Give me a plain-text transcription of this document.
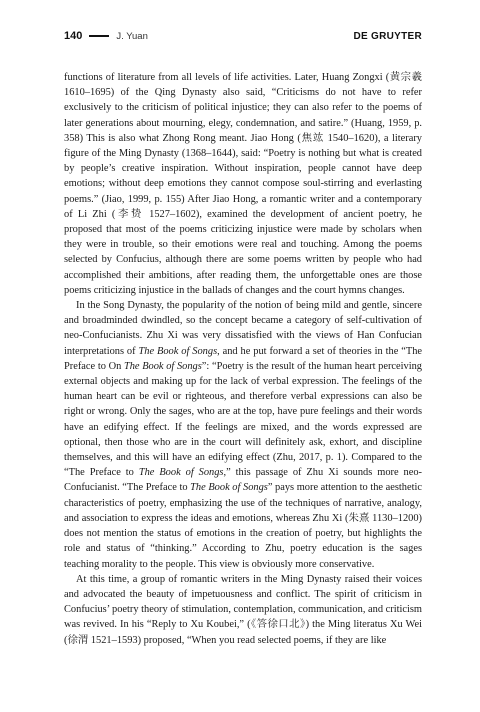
140	J. Yuan	DE GRUYTER

functions of literature from all levels of life activities. Later, Huang Zongxi (黄宗羲 1610–1695) of the Qing Dynasty also said, “Criticisms do not have to refer exclusively to the criticism of political injustice; they can also refer to the poems of later generations about mourning, elegy, condemnation, and satire.” (Huang, 1959, p. 358) This is also what Zhong Rong meant. Jiao Hong (焦竑 1540–1620), a literary figure of the Ming Dynasty (1368–1644), said: “Poetry is nothing but what is created by people’s creative inspiration. Without inspiration, people cannot have deep emotions; without deep emotions they cannot compose soul-stirring and everlasting poems.” (Jiao, 1999, p. 155) After Jiao Hong, a romantic writer and a contemporary of Li Zhi (李贽 1527–1602), examined the development of ancient poetry, he proposed that most of the poems criticizing injustice were made by scholars when they were in trouble, so their emotions were real and touching. Among the poems selected by Confucius, although there are some poems written by people who had accomplished their ambitions, after reading them, the unforgettable ones are those poems criticizing injustice in the ballads of changes and the court hymns changes.

In the Song Dynasty, the popularity of the notion of being mild and gentle, sincere and broadminded dwindled, so the concept became a category of self-cultivation of neo-Confucianists. Zhu Xi was very dissatisfied with the views of Han Confucian interpretations of The Book of Songs, and he put forward a set of theories in the “The Preface to On The Book of Songs”: “Poetry is the result of the human heart perceiving external objects and making up for the lack of verbal expression. The feelings of the human heart can be evil or righteous, and therefore verbal expressions can also be right or wrong. Only the sages, who are at the top, have pure feelings and their words have an edifying effect. If the feelings are mixed, and the words expressed are optional, then those who are in the court will definitely ask, exhort, and discipline themselves, and this will have an edifying effect (Zhu, 2017, p. 1). Compared to the “The Preface to The Book of Songs,” this passage of Zhu Xi sounds more neo-Confucianist. “The Preface to The Book of Songs” pays more attention to the aesthetic characteristics of poetry, emphasizing the use of the techniques of narrative, analogy, and association to express the ideas and emotions, whereas Zhu Xi (朱熹 1130–1200) does not mention the status of emotions in the creation of poetry, but highlights the role and status of “thinking.” According to Zhu, poetry education is the sages teaching morality to the people. This view is obviously more conservative.

At this time, a group of romantic writers in the Ming Dynasty raised their voices and advocated the beauty of impetuousness and conflict. The spirit of criticism in Confucius’ poetry theory of stimulation, contemplation, communication, and criticism was revived. In his “Reply to Xu Koubei,” (《答徐口北》) the Ming literatus Xu Wei (徐渭 1521–1593) proposed, “When you read selected poems, if they are like
